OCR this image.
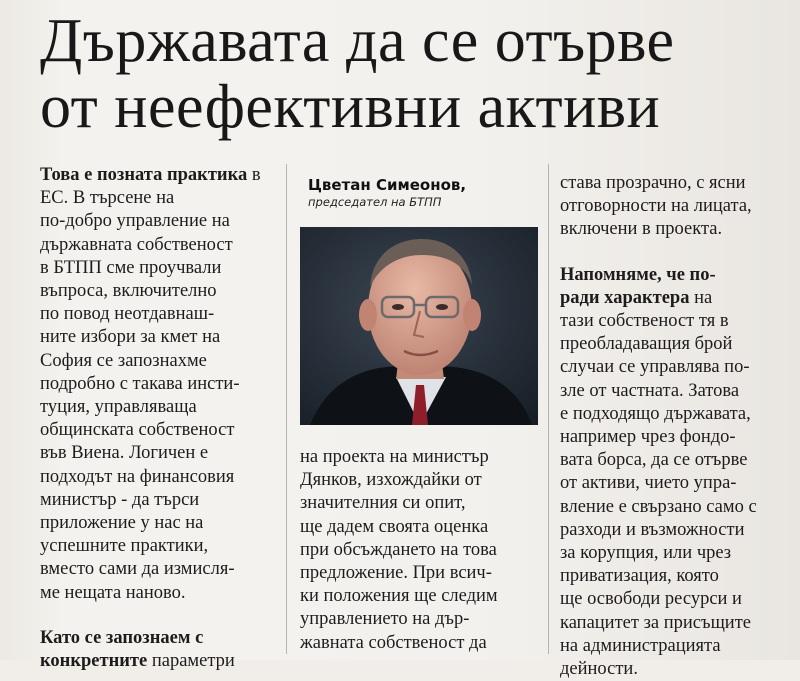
Държавата да се отърве
от неефективни активи

Това е позната практика в ЕС. В търсене на
по-добро управление на
държавната собственост
в БТПП сме проучвали
въпроса, включително
по повод неотдавнаш-
ните избори за кмет на
София се запознахме
подробно с такава инсти-
туция, управляваща
общинската собственост
във Виена. Логичен е
подходът на финансовия
министър - да търси
приложение у нас на
успешните практики,
вместо сами да измисля-
ме нещата наново.

Като се запознаем с
конкретните параметри

Цветан Симеонов,
председател на БТПП

на проекта на министър
Дянков, изхождайки от
значителния си опит,
ще дадем своята оценка
при обсъждането на това
предложение. При всич-
ки положения ще следим
управлението на дър-
жавната собственост да

става прозрачно, с ясни
отговорности на лицата,
включени в проекта.

Напомняме, че по-
ради характера на
тази собственост тя в
преобладаващия брой
случаи се управлява по-
зле от частната. Затова
е подходящо държавата,
например чрез фондо-
вата борса, да се отърве
от активи, чието упра-
вление е свързано само с
разходи и възможности
за корупция, или чрез
приватизация, която
ще освободи ресурси и
капацитет за присъщите
на администрацията
дейности.
